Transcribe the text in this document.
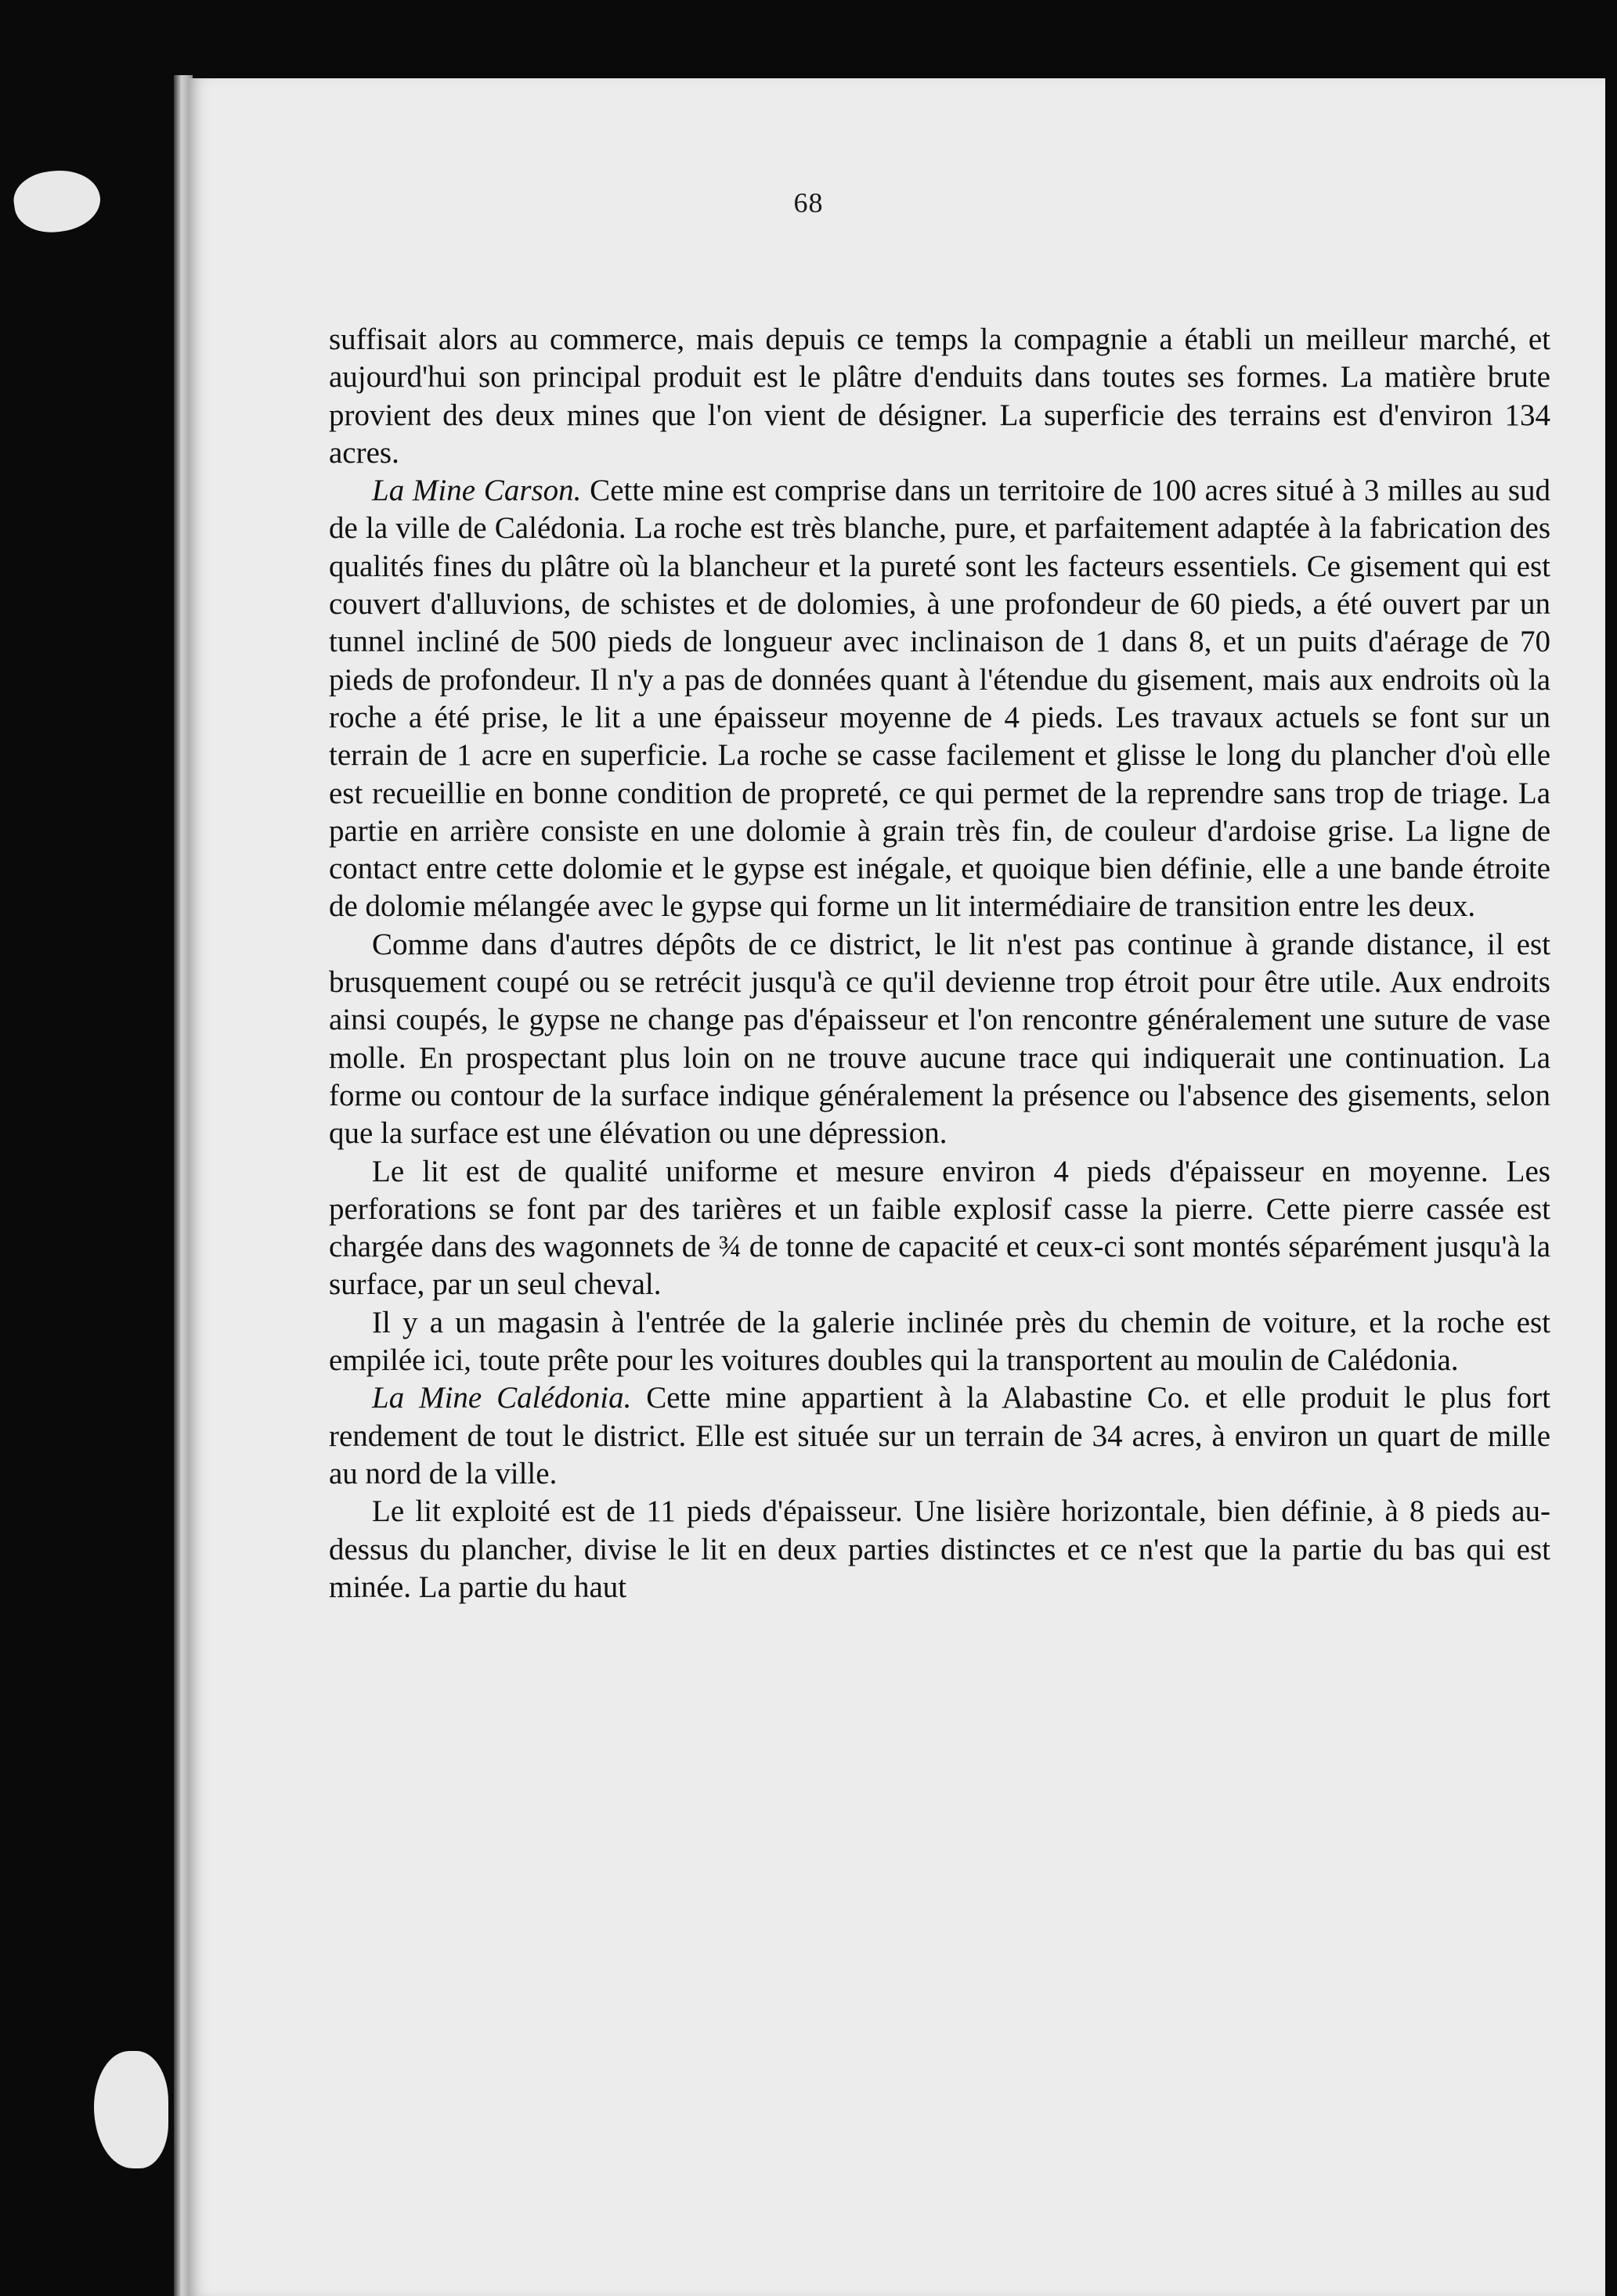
68

suffisait alors au commerce, mais depuis ce temps la compagnie a établi un meilleur marché, et aujourd'hui son principal produit est le plâtre d'enduits dans toutes ses formes. La matière brute provient des deux mines que l'on vient de désigner. La superficie des terrains est d'environ 134 acres.

La Mine Carson. Cette mine est comprise dans un territoire de 100 acres situé à 3 milles au sud de la ville de Calédonia. La roche est très blanche, pure, et parfaitement adaptée à la fabrication des qualités fines du plâtre où la blancheur et la pureté sont les facteurs essentiels. Ce gisement qui est couvert d'alluvions, de schistes et de dolomies, à une profondeur de 60 pieds, a été ouvert par un tunnel incliné de 500 pieds de longueur avec inclinaison de 1 dans 8, et un puits d'aérage de 70 pieds de profondeur. Il n'y a pas de données quant à l'étendue du gisement, mais aux endroits où la roche a été prise, le lit a une épaisseur moyenne de 4 pieds. Les travaux actuels se font sur un terrain de 1 acre en superficie. La roche se casse facilement et glisse le long du plancher d'où elle est recueillie en bonne condition de propreté, ce qui permet de la reprendre sans trop de triage. La partie en arrière consiste en une dolomie à grain très fin, de couleur d'ardoise grise. La ligne de contact entre cette dolomie et le gypse est inégale, et quoique bien définie, elle a une bande étroite de dolomie mélangée avec le gypse qui forme un lit intermédiaire de transition entre les deux.

Comme dans d'autres dépôts de ce district, le lit n'est pas continue à grande distance, il est brusquement coupé ou se retrécit jusqu'à ce qu'il devienne trop étroit pour être utile. Aux endroits ainsi coupés, le gypse ne change pas d'épaisseur et l'on rencontre généralement une suture de vase molle. En prospectant plus loin on ne trouve aucune trace qui indiquerait une continuation. La forme ou contour de la surface indique généralement la présence ou l'absence des gisements, selon que la surface est une élévation ou une dépression.

Le lit est de qualité uniforme et mesure environ 4 pieds d'épaisseur en moyenne. Les perforations se font par des tarières et un faible explosif casse la pierre. Cette pierre cassée est chargée dans des wagonnets de ¾ de tonne de capacité et ceux-ci sont montés séparément jusqu'à la surface, par un seul cheval.

Il y a un magasin à l'entrée de la galerie inclinée près du chemin de voiture, et la roche est empilée ici, toute prête pour les voitures doubles qui la transportent au moulin de Calédonia.

La Mine Calédonia. Cette mine appartient à la Alabastine Co. et elle produit le plus fort rendement de tout le district. Elle est située sur un terrain de 34 acres, à environ un quart de mille au nord de la ville.

Le lit exploité est de 11 pieds d'épaisseur. Une lisière horizontale, bien définie, à 8 pieds au-dessus du plancher, divise le lit en deux parties distinctes et ce n'est que la partie du bas qui est minée. La partie du haut
